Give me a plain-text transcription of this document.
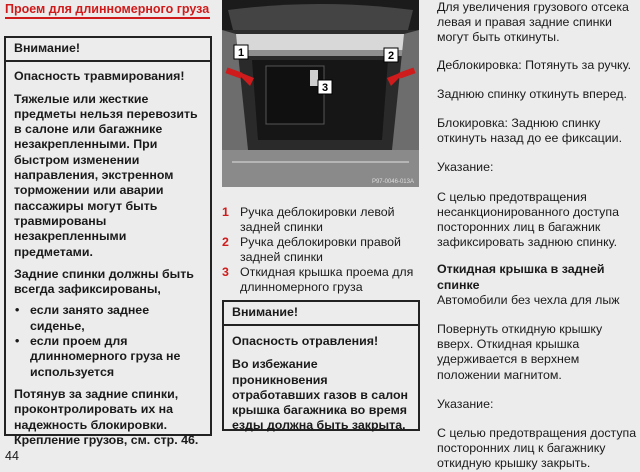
Проем для длинномерного груза
Внимание!

Опасность травмирования!

Тяжелые или жесткие предметы нельзя перевозить в салоне или багажнике незакрепленными. При быстром изменении направления, экстренном торможении или аварии пассажиры могут быть травмированы незакрепленными предметами.

Задние спинки должны быть всегда зафиксированы,

• если занято заднее сиденье,
• если проем для длинномерного груза не используется

Потянув за задние спинки, проконтролировать их на надежность блокировки. Крепление грузов, см. стр. 46.

1	2
3
P97-0046-013A
1 Ручка деблокировки левой задней спинки
2 Ручка деблокировки правой задней спинки
3 Откидная крышка проема для длинномерного груза
Внимание!

Опасность отравления!

Во избежание проникновения отработавших газов в салон крышка багажника во время езды должна быть закрыта.

Для увеличения грузового отсека левая и правая задние спинки могут быть откинуты.

Деблокировка: Потянуть за ручку.

Заднюю спинку откинуть вперед.

Блокировка: Заднюю спинку откинуть назад до ее фиксации.

Указание:

С целью предотвращения несанкционированного доступа посторонних лиц в багажник зафиксировать заднюю спинку.

Откидная крышка в задней спинке

Автомобили без чехла для лыж

Повернуть откидную крышку вверх. Откидная крышка удерживается в верхнем положении магнитом.

Указание:

С целью предотвращения доступа посторонних лиц к багажнику откидную крышку закрыть.

44
